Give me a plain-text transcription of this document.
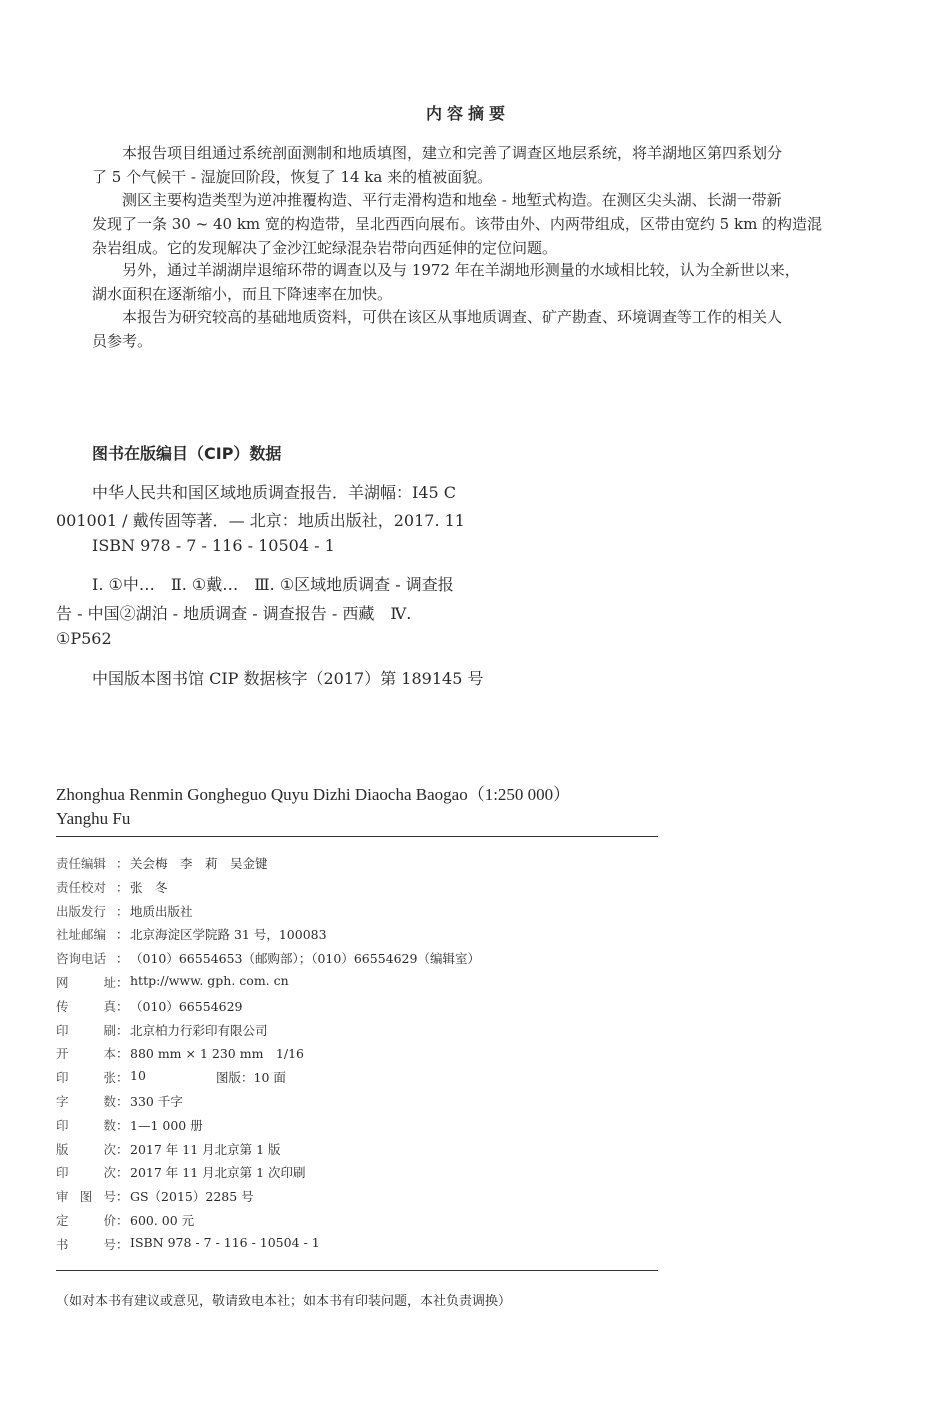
内容摘要
本报告项目组通过系统剖面测制和地质填图，建立和完善了调查区地层系统，将羊湖地区第四系划分
了 5 个气候干 - 湿旋回阶段，恢复了 14 ka 来的植被面貌。
测区主要构造类型为逆冲推覆构造、平行走滑构造和地垒 - 地堑式构造。在测区尖头湖、长湖一带新
发现了一条 30 ~ 40 km 宽的构造带，呈北西西向展布。该带由外、内两带组成，区带由宽约 5 km 的构造混
杂岩组成。它的发现解决了金沙江蛇绿混杂岩带向西延伸的定位问题。
另外，通过羊湖湖岸退缩环带的调查以及与 1972 年在羊湖地形测量的水域相比较，认为全新世以来，
湖水面积在逐渐缩小，而且下降速率在加快。
本报告为研究较高的基础地质资料，可供在该区从事地质调查、矿产勘查、环境调查等工作的相关人
员参考。
图书在版编目（CIP）数据
中华人民共和国区域地质调查报告．羊湖幅：I45 C
001001 / 戴传固等著．— 北京：地质出版社，2017. 11
ISBN 978 - 7 - 116 - 10504 - 1
Ⅰ. ①中…　Ⅱ. ①戴…　Ⅲ. ①区域地质调查 - 调查报
告 - 中国②湖泊 - 地质调查 - 调查报告 - 西藏　Ⅳ.
①P562
中国版本图书馆 CIP 数据核字（2017）第 189145 号
Zhonghua Renmin Gongheguo Quyu Dizhi Diaocha Baogao（1:250 000）
Yanghu Fu
责任编辑 ： 关会梅　李　莉　吴金键
责任校对 ： 张　冬
出版发行 ： 地质出版社
社址邮编 ： 北京海淀区学院路 31 号，100083
咨询电话 ： （010）66554653（邮购部）；（010）66554629（编辑室）
网	址 ： http://www. gph. com. cn
传	真 ： （010）66554629
印	刷 ： 北京柏力行彩印有限公司
开	本 ： 880 mm × 1 230 mm　1/16
印	张 ： 10	图版：10 面
字	数 ： 330 千字
印	数 ： 1—1 000 册
版	次 ： 2017 年 11 月北京第 1 版
印	次 ： 2017 年 11 月北京第 1 次印刷
审 图 号 ： GS（2015）2285 号
定	价 ： 600. 00 元
书	号 ： ISBN 978 - 7 - 116 - 10504 - 1
（如对本书有建议或意见，敬请致电本社；如本书有印装问题，本社负责调换）
